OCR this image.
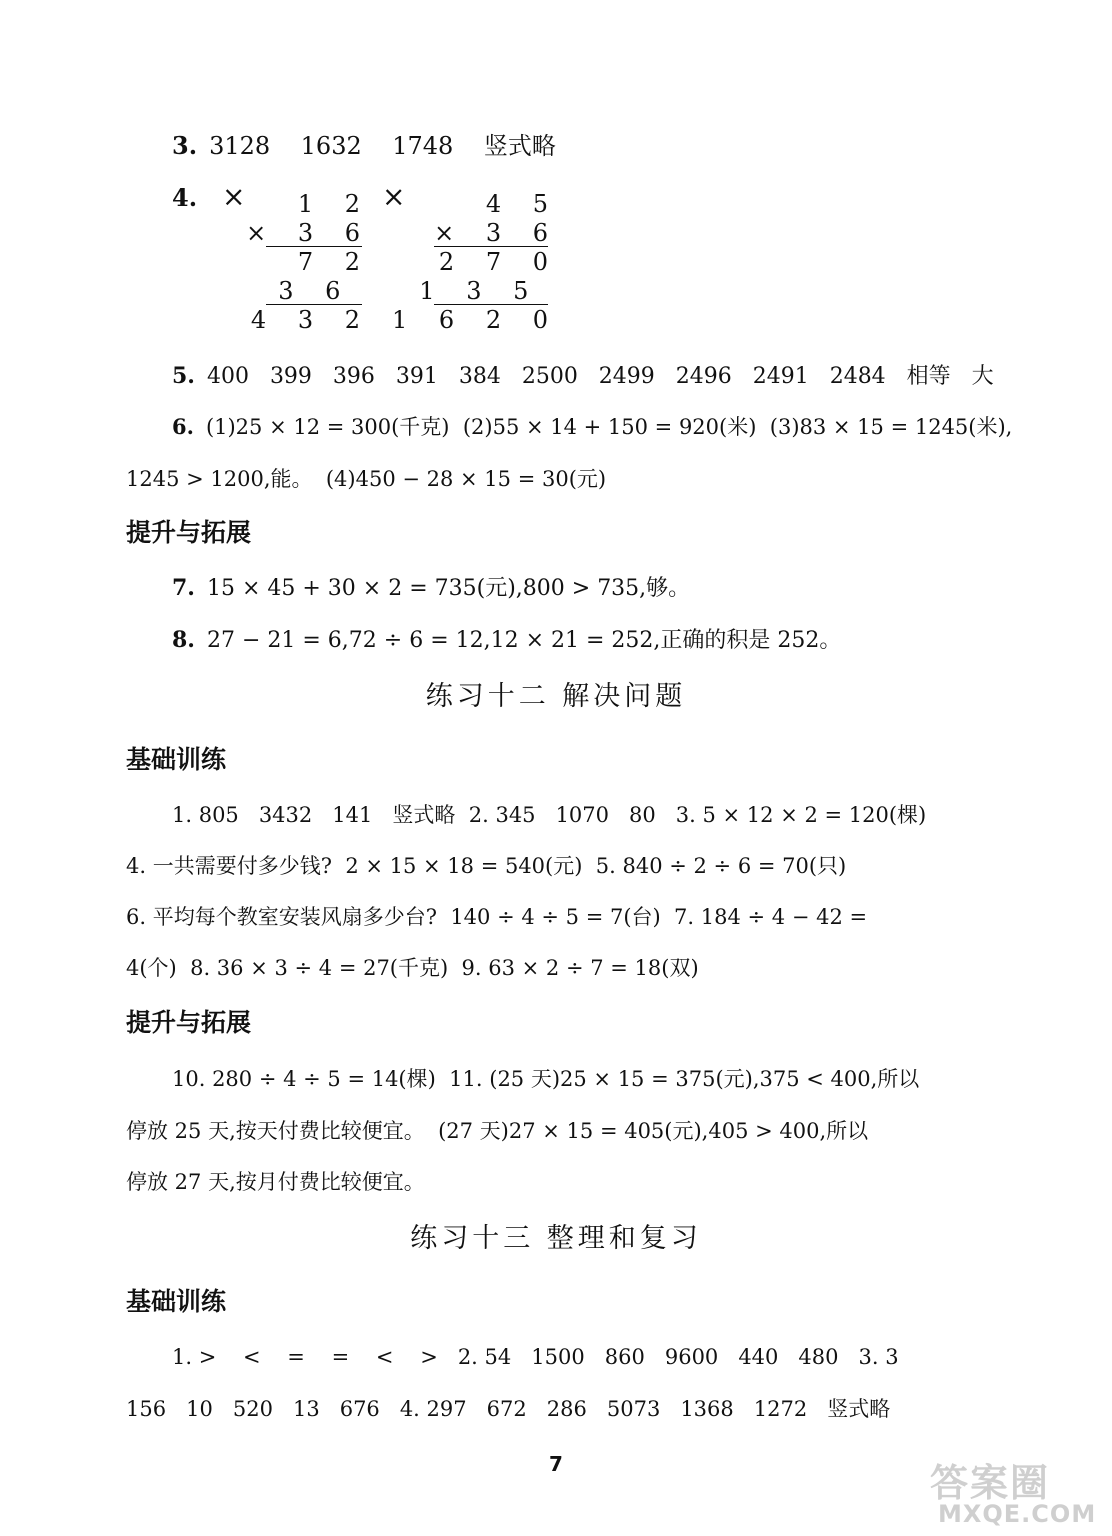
3. 3128    1632    1748    竖式略
4. ×	×
1 2
× 3 6
7 2
3 6
4 3 2
4 5
× 3 6
2 7 0
1 3 5
1 6 2 0
5. 400   399   396   391   384   2500   2499   2496   2491   2484   相等   大
6. (1)25 × 12 = 300(千克)  (2)55 × 14 + 150 = 920(米)  (3)83 × 15 = 1245(米),
1245 > 1200,能。  (4)450 − 28 × 15 = 30(元)
提升与拓展
7. 15 × 45 + 30 × 2 = 735(元),800 > 735,够。
8. 27 − 21 = 6,72 ÷ 6 = 12,12 × 21 = 252,正确的积是 252。
练习十二 解决问题
基础训练
1. 805   3432   141   竖式略  2. 345   1070   80   3. 5 × 12 × 2 = 120(棵)
4. 一共需要付多少钱?  2 × 15 × 18 = 540(元)  5. 840 ÷ 2 ÷ 6 = 70(只)
6. 平均每个教室安装风扇多少台?  140 ÷ 4 ÷ 5 = 7(台)  7. 184 ÷ 4 − 42 =
4(个)  8. 36 × 3 ÷ 4 = 27(千克)  9. 63 × 2 ÷ 7 = 18(双)
提升与拓展
10. 280 ÷ 4 ÷ 5 = 14(棵)  11. (25 天)25 × 15 = 375(元),375 < 400,所以
停放 25 天,按天付费比较便宜。  (27 天)27 × 15 = 405(元),405 > 400,所以
停放 27 天,按月付费比较便宜。
练习十三 整理和复习
基础训练
1. >    <    =    =    <    >   2. 54   1500   860   9600   440   480   3. 3
156   10   520   13   676   4. 297   672   286   5073   1368   1272   竖式略
7	答案圈
MXQE.COM
